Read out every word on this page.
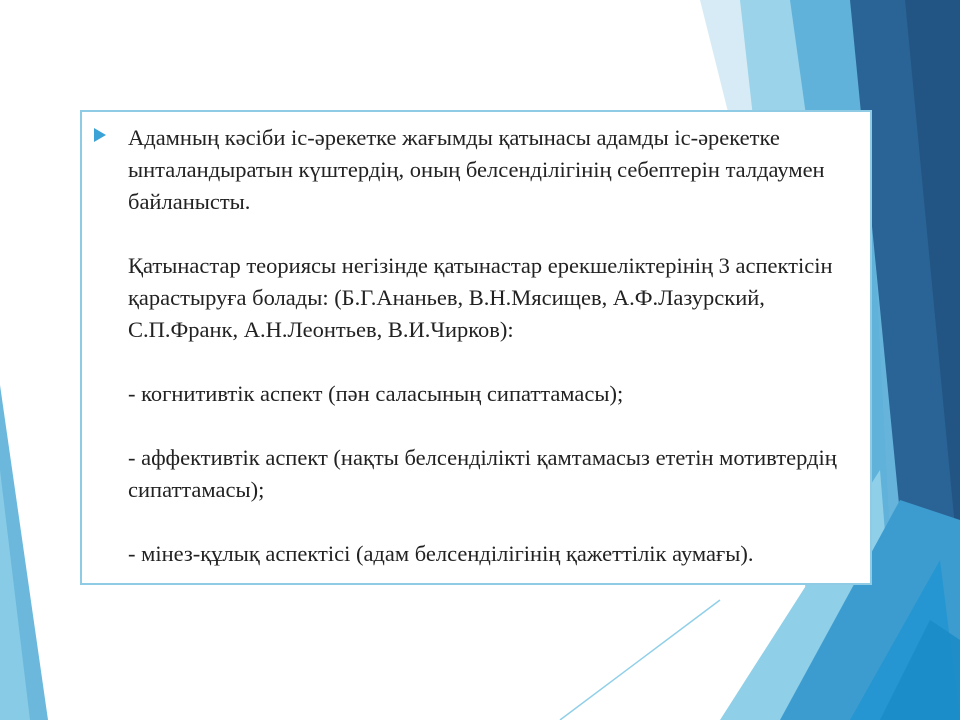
Адамның кәсіби іс-әрекетке жағымды қатынасы адамды іс-әрекетке ынталандыратын күштердің, оның белсенділігінің себептерін талдаумен байланысты.
Қатынастар теориясы негізінде қатынастар ерекшеліктерінің 3 аспектісін қарастыруға болады: (Б.Г.Ананьев, В.Н.Мясищев, А.Ф.Лазурский, С.П.Франк, А.Н.Леонтьев, В.И.Чирков):
- когнитивтік аспект (пән саласының сипаттамасы);
- аффективтік аспект (нақты белсенділікті қамтамасыз ететін мотивтердің сипаттамасы);
- мінез-құлық аспектісі (адам белсенділігінің қажеттілік аумағы).
